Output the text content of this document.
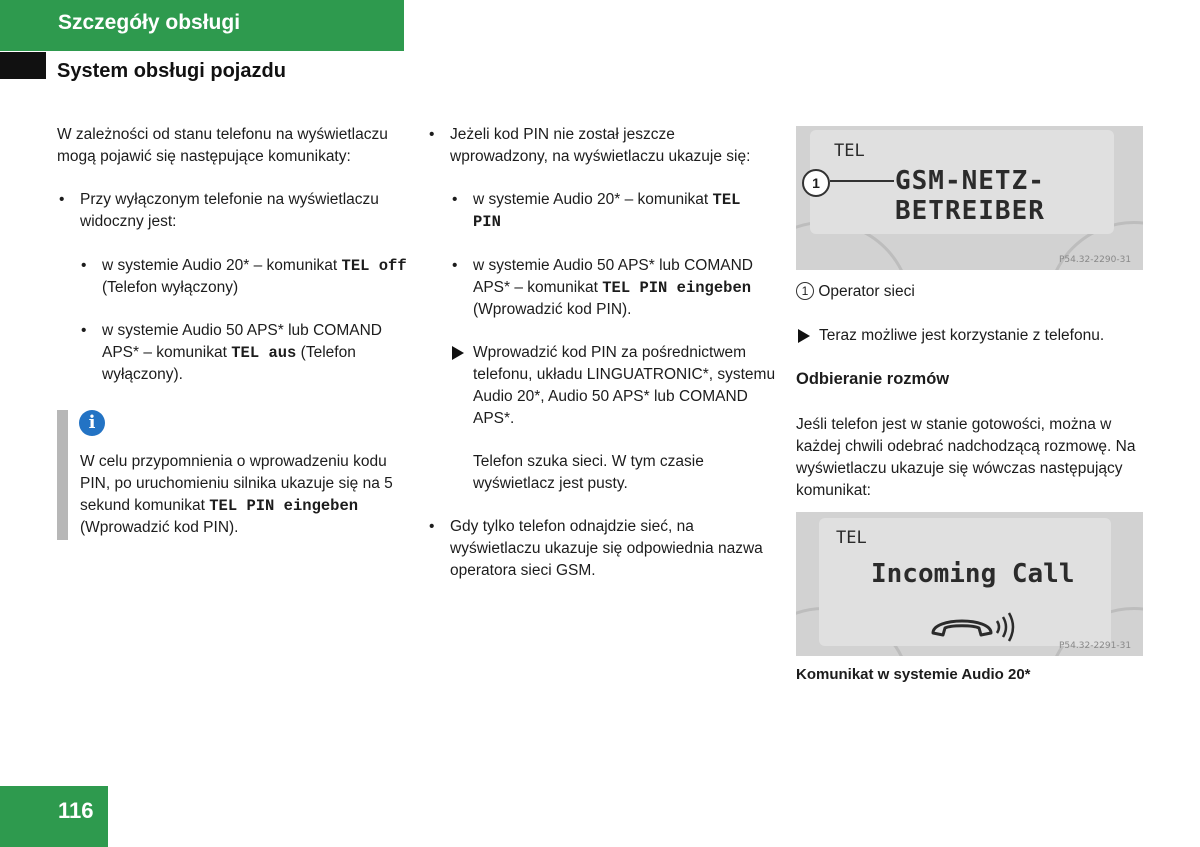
Szczegóły obsługi
System obsługi pojazdu
W zależności od stanu telefonu na wyświetlaczu mogą pojawić się następujące komunikaty:
• Przy wyłączonym telefonie na wyświetlaczu widoczny jest:
• w systemie Audio 20* – komunikat TEL off (Telefon wyłączony)
• w systemie Audio 50 APS* lub COMAND APS* – komunikat TEL aus (Telefon wyłączony).
i
W celu przypomnienia o wprowadzeniu kodu PIN, po uruchomieniu silnika ukazuje się na 5 sekund komunikat TEL PIN eingeben (Wprowadzić kod PIN).
• Jeżeli kod PIN nie został jeszcze wprowadzony, na wyświetlaczu ukazuje się:
• w systemie Audio 20* – komunikat TEL PIN
• w systemie Audio 50 APS* lub COMAND APS* – komunikat TEL PIN eingeben (Wprowadzić kod PIN).
Wprowadzić kod PIN za pośrednictwem telefonu, układu LINGUATRONIC*, systemu Audio 20*, Audio 50 APS* lub COMAND APS*.
Telefon szuka sieci. W tym czasie wyświetlacz jest pusty.
• Gdy tylko telefon odnajdzie sieć, na wyświetlaczu ukazuje się odpowiednia nazwa operatora sieci GSM.
TEL
1	GSM-NETZ-
BETREIBER
P54.32-2290-31
1 Operator sieci
Teraz możliwe jest korzystanie z telefonu.
Odbieranie rozmów
Jeśli telefon jest w stanie gotowości, można w każdej chwili odebrać nadchodzącą rozmowę. Na wyświetlaczu ukazuje się wówczas następujący komunikat:
TEL
Incoming Call
P54.32-2291-31
Komunikat w systemie Audio 20*
116
